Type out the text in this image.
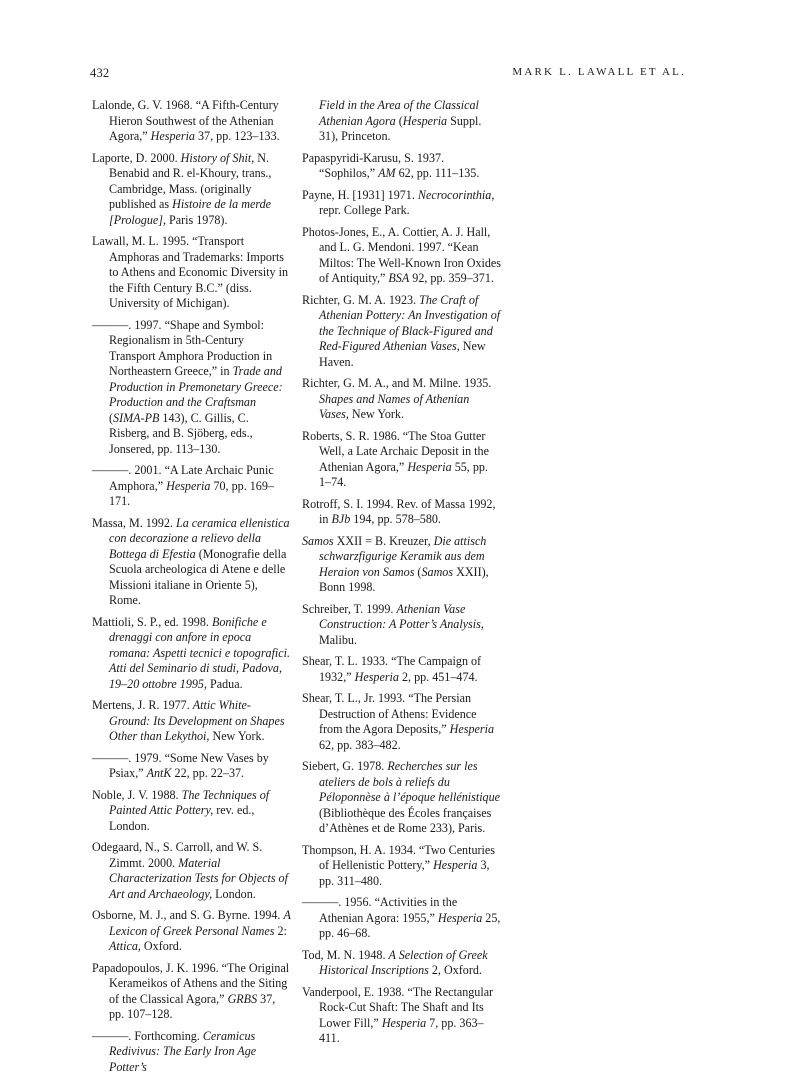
432	MARK L. LAWALL ET AL.
Lalonde, G. V. 1968. “A Fifth-Century Hieron Southwest of the Athenian Agora,” Hesperia 37, pp. 123–133.
Laporte, D. 2000. History of Shit, N. Benabid and R. el-Khoury, trans., Cambridge, Mass. (originally published as Histoire de la merde [Prologue], Paris 1978).
Lawall, M. L. 1995. “Transport Amphoras and Trademarks: Imports to Athens and Economic Diversity in the Fifth Century B.C.” (diss. University of Michigan).
———. 1997. “Shape and Symbol: Regionalism in 5th-Century Transport Amphora Production in Northeastern Greece,” in Trade and Production in Premonetary Greece: Production and the Craftsman (SIMA-PB 143), C. Gillis, C. Risberg, and B. Sjöberg, eds., Jonsered, pp. 113–130.
———. 2001. “A Late Archaic Punic Amphora,” Hesperia 70, pp. 169–171.
Massa, M. 1992. La ceramica ellenistica con decorazione a relievo della Bottega di Efestia (Monografie della Scuola archeologica di Atene e delle Missioni italiane in Oriente 5), Rome.
Mattioli, S. P., ed. 1998. Bonifiche e drenaggi con anfore in epoca romana: Aspetti tecnici e topografici. Atti del Seminario di studi, Padova, 19–20 ottobre 1995, Padua.
Mertens, J. R. 1977. Attic White-Ground: Its Development on Shapes Other than Lekythoi, New York.
———. 1979. “Some New Vases by Psiax,” AntK 22, pp. 22–37.
Noble, J. V. 1988. The Techniques of Painted Attic Pottery, rev. ed., London.
Odegaard, N., S. Carroll, and W. S. Zimmt. 2000. Material Characterization Tests for Objects of Art and Archaeology, London.
Osborne, M. J., and S. G. Byrne. 1994. A Lexicon of Greek Personal Names 2: Attica, Oxford.
Papadopoulos, J. K. 1996. “The Original Kerameikos of Athens and the Siting of the Classical Agora,” GRBS 37, pp. 107–128.
———. Forthcoming. Ceramicus Redivivus: The Early Iron Age Potter’s
Field in the Area of the Classical Athenian Agora (Hesperia Suppl. 31), Princeton.
Papaspyridi-Karusu, S. 1937. “Sophilos,” AM 62, pp. 111–135.
Payne, H. [1931] 1971. Necrocorinthia, repr. College Park.
Photos-Jones, E., A. Cottier, A. J. Hall, and L. G. Mendoni. 1997. “Kean Miltos: The Well-Known Iron Oxides of Antiquity,” BSA 92, pp. 359–371.
Richter, G. M. A. 1923. The Craft of Athenian Pottery: An Investigation of the Technique of Black-Figured and Red-Figured Athenian Vases, New Haven.
Richter, G. M. A., and M. Milne. 1935. Shapes and Names of Athenian Vases, New York.
Roberts, S. R. 1986. “The Stoa Gutter Well, a Late Archaic Deposit in the Athenian Agora,” Hesperia 55, pp. 1–74.
Rotroff, S. I. 1994. Rev. of Massa 1992, in BJb 194, pp. 578–580.
Samos XXII = B. Kreuzer, Die attisch schwarzfigurige Keramik aus dem Heraion von Samos (Samos XXII), Bonn 1998.
Schreiber, T. 1999. Athenian Vase Construction: A Potter’s Analysis, Malibu.
Shear, T. L. 1933. “The Campaign of 1932,” Hesperia 2, pp. 451–474.
Shear, T. L., Jr. 1993. “The Persian Destruction of Athens: Evidence from the Agora Deposits,” Hesperia 62, pp. 383–482.
Siebert, G. 1978. Recherches sur les ateliers de bols à reliefs du Péloponnèse à l’époque hellénistique (Bibliothèque des Écoles françaises d’Athènes et de Rome 233), Paris.
Thompson, H. A. 1934. “Two Centuries of Hellenistic Pottery,” Hesperia 3, pp. 311–480.
———. 1956. “Activities in the Athenian Agora: 1955,” Hesperia 25, pp. 46–68.
Tod, M. N. 1948. A Selection of Greek Historical Inscriptions 2, Oxford.
Vanderpool, E. 1938. “The Rectangular Rock-Cut Shaft: The Shaft and Its Lower Fill,” Hesperia 7, pp. 363–411.
